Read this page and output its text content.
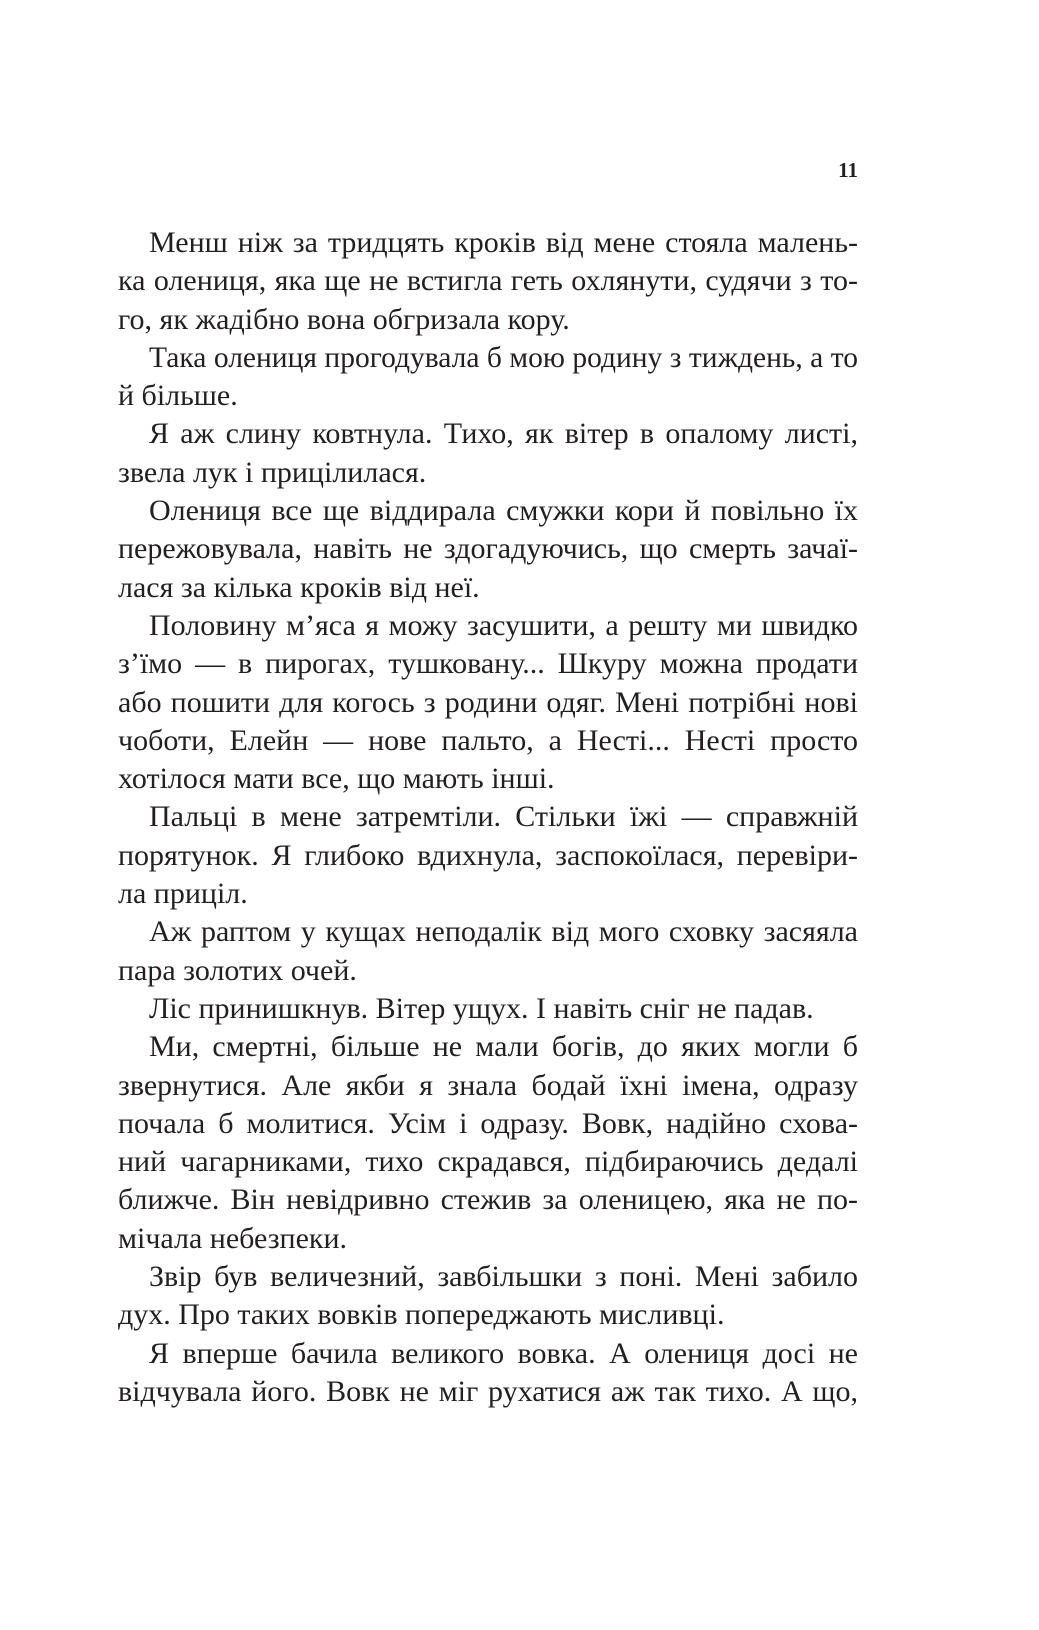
11
Менш ніж за тридцять кроків від мене стояла малень-
ка олениця, яка ще не встигла геть охлянути, судячи з то-
го, як жадібно вона обгризала кору.
Така олениця прогодувала б мою родину з тиждень, а то
й більше.
Я аж слину ковтнула. Тихо, як вітер в опалому листі,
звела лук і прицілилася.
Олениця все ще віддирала смужки кори й повільно їх
пережовувала, навіть не здогадуючись, що смерть зачаї-
лася за кілька кроків від неї.
Половину м’яса я можу засушити, а решту ми швидко
з’їмо — в пирогах, тушковану... Шкуру можна продати
або пошити для когось з родини одяг. Мені потрібні нові
чоботи, Елейн — нове пальто, а Несті... Несті просто
хотілося мати все, що мають інші.
Пальці в мене затремтіли. Стільки їжі — справжній
порятунок. Я глибоко вдихнула, заспокоїлася, перевіри-
ла приціл.
Аж раптом у кущах неподалік від мого сховку засяяла
пара золотих очей.
Ліс принишкнув. Вітер ущух. І навіть сніг не падав.
Ми, смертні, більше не мали богів, до яких могли б
звернутися. Але якби я знала бодай їхні імена, одразу
почала б молитися. Усім і одразу. Вовк, надійно схова-
ний чагарниками, тихо скрадався, підбираючись дедалі
ближче. Він невідривно стежив за оленицею, яка не по-
мічала небезпеки.
Звір був величезний, завбільшки з поні. Мені забило
дух. Про таких вовків попереджають мисливці.
Я вперше бачила великого вовка. А олениця досі не
відчувала його. Вовк не міг рухатися аж так тихо. А що,
